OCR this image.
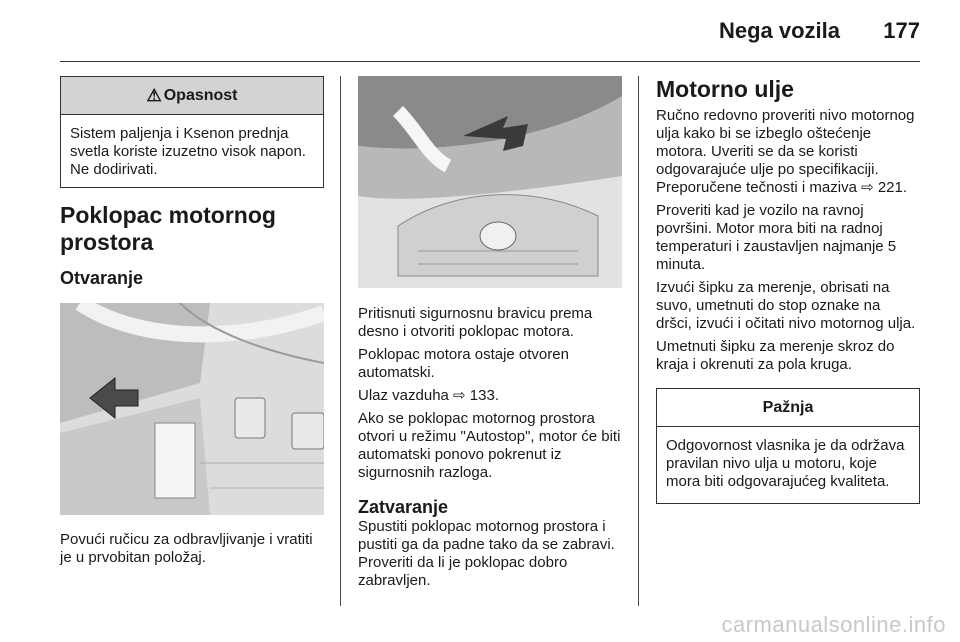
Nega vozila 177
⚠ Opasnost
Sistem paljenja i Ksenon prednja svetla koriste izuzetno visok napon. Ne dodirivati.
Poklopac motornog prostora
Otvaranje

Povući ručicu za odbravljivanje i vratiti je u prvobitan položaj.

Pritisnuti sigurnosnu bravicu prema desno i otvoriti poklopac motora.

Poklopac motora ostaje otvoren automatski.

Ulaz vazduha ⇨ 133.

Ako se poklopac motornog prostora otvori u režimu "Autostop", motor će biti automatski ponovo pokrenut iz sigurnosnih razloga.

Zatvaranje

Spustiti poklopac motornog prostora i pustiti ga da padne tako da se zabravi. Proveriti da li je poklopac dobro zabravljen.

Motorno ulje

Ručno redovno proveriti nivo motornog ulja kako bi se izbeglo oštećenje motora. Uveriti se da se koristi odgovarajuće ulje po specifikaciji. Preporučene tečnosti i maziva ⇨ 221.

Proveriti kad je vozilo na ravnoj površini. Motor mora biti na radnoj temperaturi i zaustavljen najmanje 5 minuta.

Izvući šipku za merenje, obrisati na suvo, umetnuti do stop oznake na dršci, izvući i očitati nivo motornog ulja.

Umetnuti šipku za merenje skroz do kraja i okrenuti za pola kruga.

Pažnja
Odgovornost vlasnika je da održava pravilan nivo ulja u motoru, koje mora biti odgovarajućeg kvaliteta.
carmanualsonline.info
